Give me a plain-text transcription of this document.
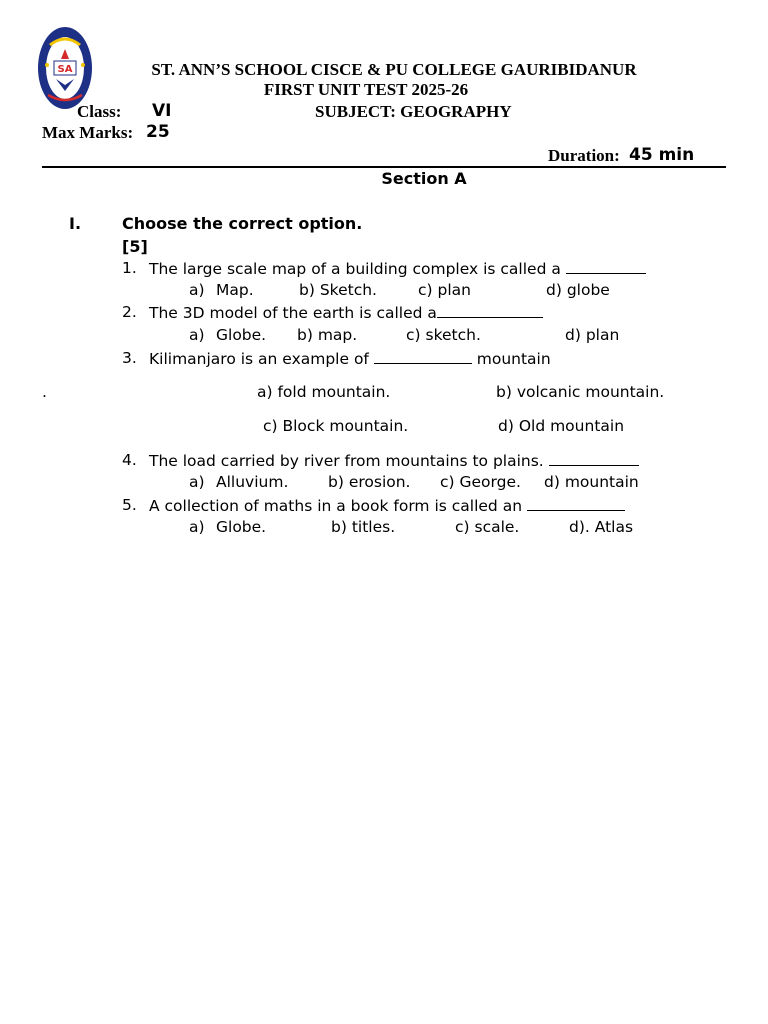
SA	ST. ANN’S SCHOOL CISCE & PU COLLEGE GAURIBIDANUR
FIRST UNIT TEST 2025-26
Class: VI	SUBJECT: GEOGRAPHY
Max Marks: 25
Duration: 45 min
Section A
I.	Choose the correct option.
[5]
1. The large scale map of a building complex is called a
a) Map.	b) Sketch.	c) plan	d) globe
2. The 3D model of the earth is called a
a) Globe. b) map.	c) sketch.	d) plan
3. Kilimanjaro is an example of	mountain
.	a) fold mountain.	b) volcanic mountain.
c) Block mountain.	d) Old mountain
4. The load carried by river from mountains to plains.
a) Alluvium.	b) erosion. c) George. d) mountain
5. A collection of maths in a book form is called an
a) Globe.	b) titles.	c) scale.	d). Atlas
